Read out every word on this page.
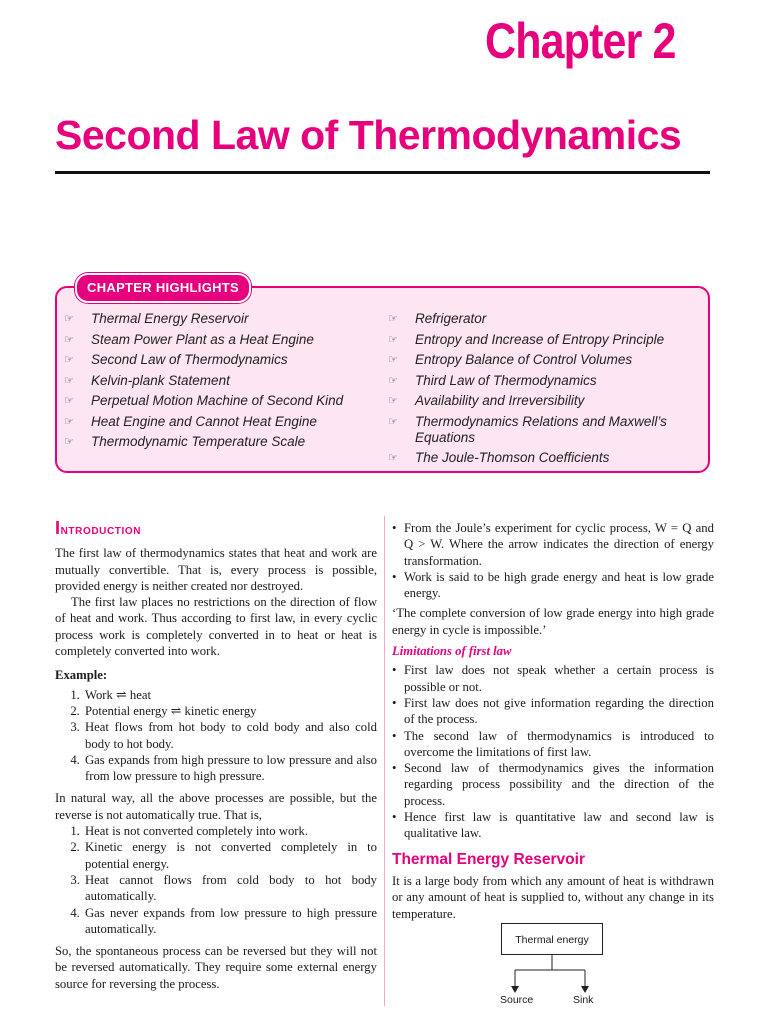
Chapter 2
Second Law of Thermodynamics
CHAPTER HIGHLIGHTS
☞ Thermal Energy Reservoir
☞ Steam Power Plant as a Heat Engine
☞ Second Law of Thermodynamics
☞ Kelvin-plank Statement
☞ Perpetual Motion Machine of Second Kind
☞ Heat Engine and Cannot Heat Engine
☞ Thermodynamic Temperature Scale
☞ Refrigerator
☞ Entropy and Increase of Entropy Principle
☞ Entropy Balance of Control Volumes
☞ Third Law of Thermodynamics
☞ Availability and Irreversibility
☞ Thermodynamics Relations and Maxwell’s Equations
☞ The Joule-Thomson Coefficients
Introduction

The first law of thermodynamics states that heat and work are mutually convertible. That is, every process is possible, provided energy is neither created nor destroyed.

The first law places no restrictions on the direction of flow of heat and work. Thus according to first law, in every cyclic process work is completely converted in to heat or heat is completely converted into work.

Example:
1. Work ⇌ heat
2. Potential energy ⇌ kinetic energy
3. Heat flows from hot body to cold body and also cold body to hot body.
4. Gas expands from high pressure to low pressure and also from low pressure to high pressure.

In natural way, all the above processes are possible, but the reverse is not automatically true. That is,

1. Heat is not converted completely into work.
2. Kinetic energy is not converted completely in to potential energy.
3. Heat cannot flows from cold body to hot body automatically.
4. Gas never expands from low pressure to high pressure automatically.

So, the spontaneous process can be reversed but they will not be reversed automatically. They require some external energy source for reversing the process.

• From the Joule’s experiment for cyclic process, W = Q and Q > W. Where the arrow indicates the direction of energy transformation.
• Work is said to be high grade energy and heat is low grade energy.

‘The complete conversion of low grade energy into high grade energy in cycle is impossible.’

Limitations of first law
• First law does not speak whether a certain process is possible or not.
• First law does not give information regarding the direction of the process.
• The second law of thermodynamics is introduced to overcome the limitations of first law.
• Second law of thermodynamics gives the information regarding process possibility and the direction of the process.
• Hence first law is quantitative law and second law is qualitative law.
Thermal Energy Reservoir

It is a large body from which any amount of heat is withdrawn or any amount of heat is supplied to, without any change in its temperature.

Thermal energy
Source	Sink
